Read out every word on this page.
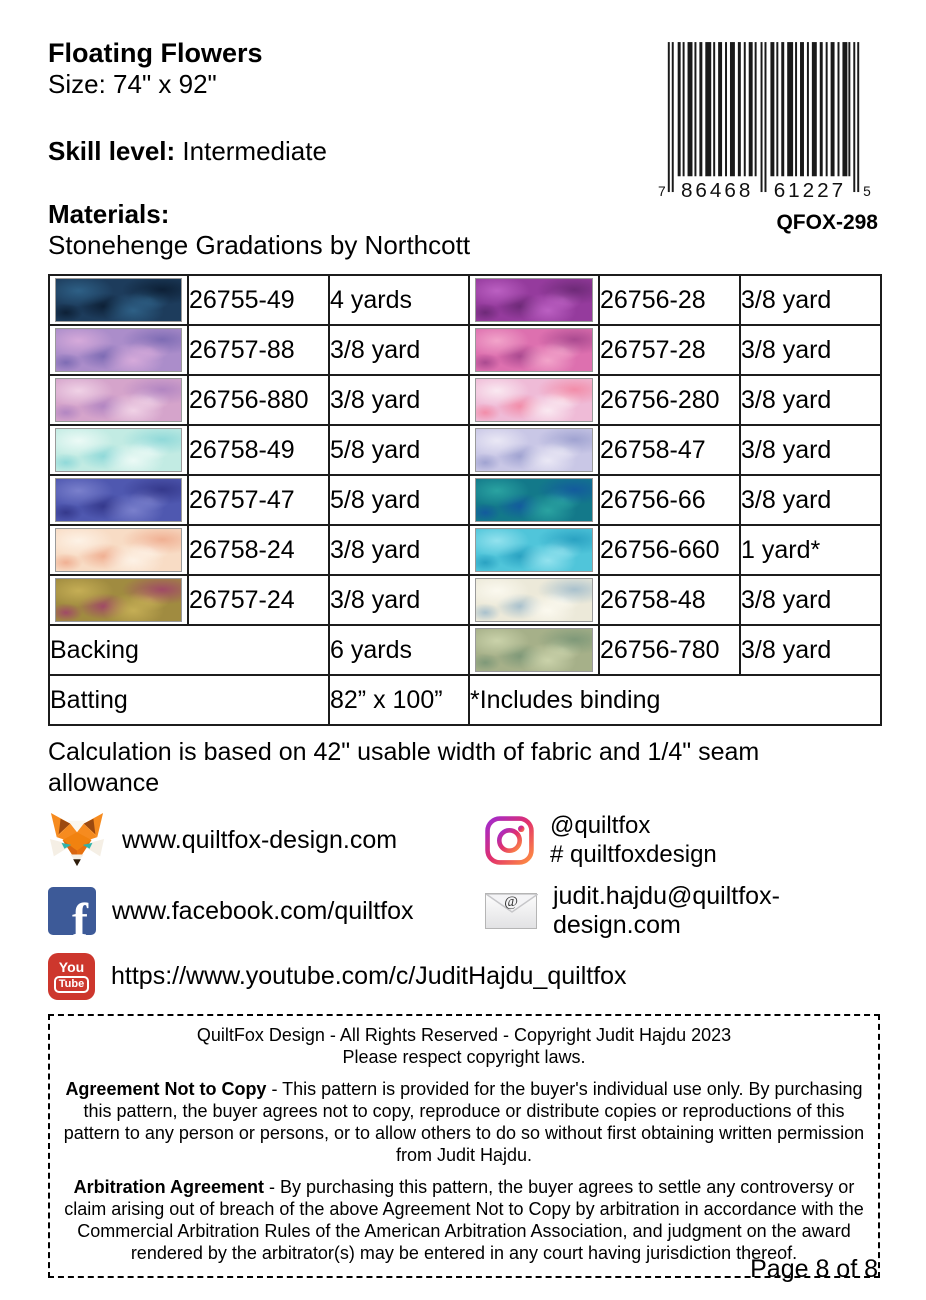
Floating Flowers
Size: 74" x 92"
Skill level: Intermediate
Materials:
Stonehenge Gradations by Northcott
7 86468 61227 5
QFOX-298
	26755-49	4 yards		26756-28	3/8 yard

	26757-88	3/8 yard		26757-28	3/8 yard

	26756-880	3/8 yard		26756-280	3/8 yard

	26758-49	5/8 yard		26758-47	3/8 yard

	26757-47	5/8 yard		26756-66	3/8 yard

	26758-24	3/8 yard		26756-660	1 yard*

	26757-24	3/8 yard		26758-48	3/8 yard
Backing		6 yards		26756-780	3/8 yard
Batting		82” x 100”	*Includes binding		
Calculation is based on 42" usable width of fabric and 1/4" seam allowance
www.quiltfox-design.com	@quiltfox
# quiltfoxdesign
f www.facebook.com/quiltfox	@ judit.hajdu@quiltfox-design.com
You
Tube https://www.youtube.com/c/JuditHajdu_quiltfox
QuiltFox Design - All Rights Reserved - Copyright Judit Hajdu 2023
Please respect copyright laws.

Agreement Not to Copy - This pattern is provided for the buyer's individual use only. By purchasing this pattern, the buyer agrees not to copy, reproduce or distribute copies or reproductions of this pattern to any person or persons, or to allow others to do so without first obtaining written permission from Judit Hajdu.

Arbitration Agreement - By purchasing this pattern, the buyer agrees to settle any controversy or claim arising out of breach of the above Agreement Not to Copy by arbitration in accordance with the Commercial Arbitration Rules of the American Arbitration Association, and judgment on the award rendered by the arbitrator(s) may be entered in any court having jurisdiction thereof.

Page 8 of 8
